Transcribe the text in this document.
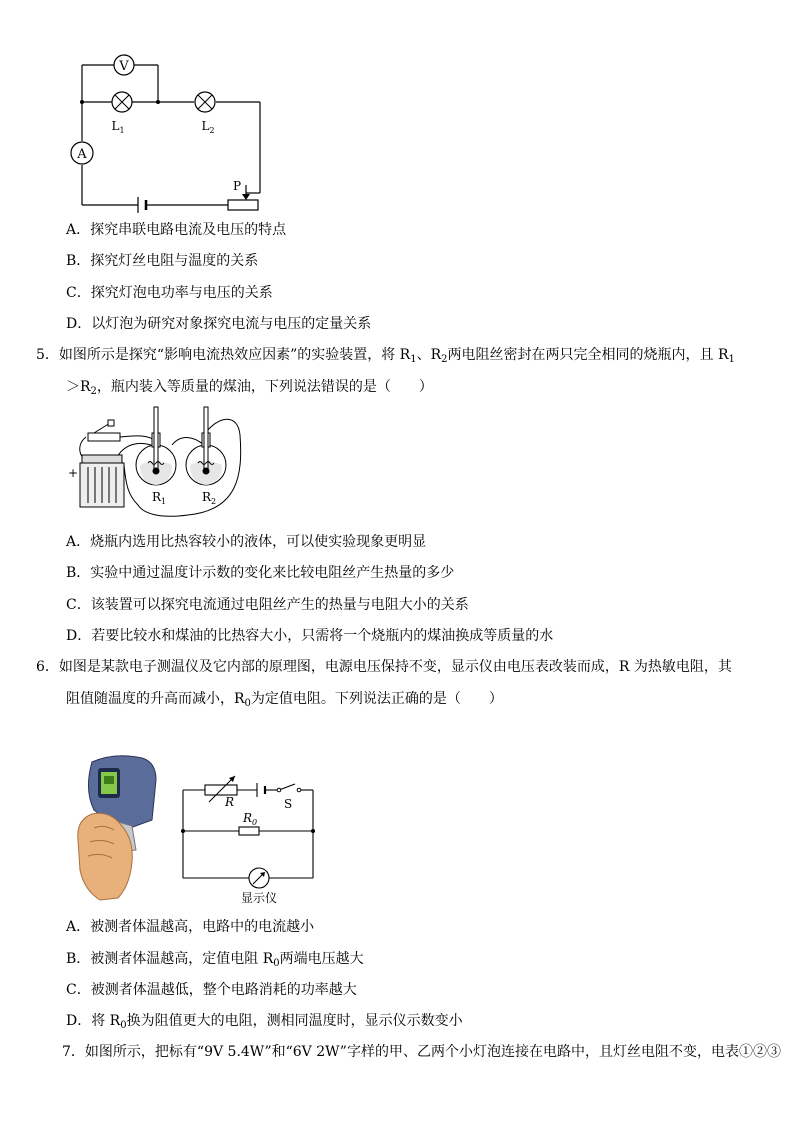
V
$L_1$	$L_2$
A
P
A．探究串联电路电流及电压的特点
B．探究灯丝电阻与温度的关系
C．探究灯泡电功率与电压的关系
D．以灯泡为研究对象探究电流与电压的定量关系
5．如图所示是探究“影响电流热效应因素”的实验装置，将 $R_1$、$R_2$两电阻丝密封在两只完全相同的烧瓶内，且 $R_1$
$>R_2$，瓶内装入等质量的煤油，下列说法错误的是（　　）
+
$R_1$	$R_2$
A．烧瓶内选用比热容较小的液体，可以使实验现象更明显
B．实验中通过温度计示数的变化来比较电阻丝产生热量的多少
C．该装置可以探究电流通过电阻丝产生的热量与电阻大小的关系
D．若要比较水和煤油的比热容大小，只需将一个烧瓶内的煤油换成等质量的水
6．如图是某款电子测温仪及它内部的原理图，电源电压保持不变，显示仪由电压表改装而成，R 为热敏电阻，其
阻值随温度的升高而减小，$R_0$为定值电阻。下列说法正确的是（　　）
R	S
$R_0$
显示仪
A．被测者体温越高，电路中的电流越小
B．被测者体温越高，定值电阻 $R_0$两端电压越大
C．被测者体温越低，整个电路消耗的功率越大
D．将 $R_0$换为阻值更大的电阻，测相同温度时，显示仪示数变小
7．如图所示，把标有“9V 5.4W”和“6V 2W”字样的甲、乙两个小灯泡连接在电路中，且灯丝电阻不变，电表①②③
